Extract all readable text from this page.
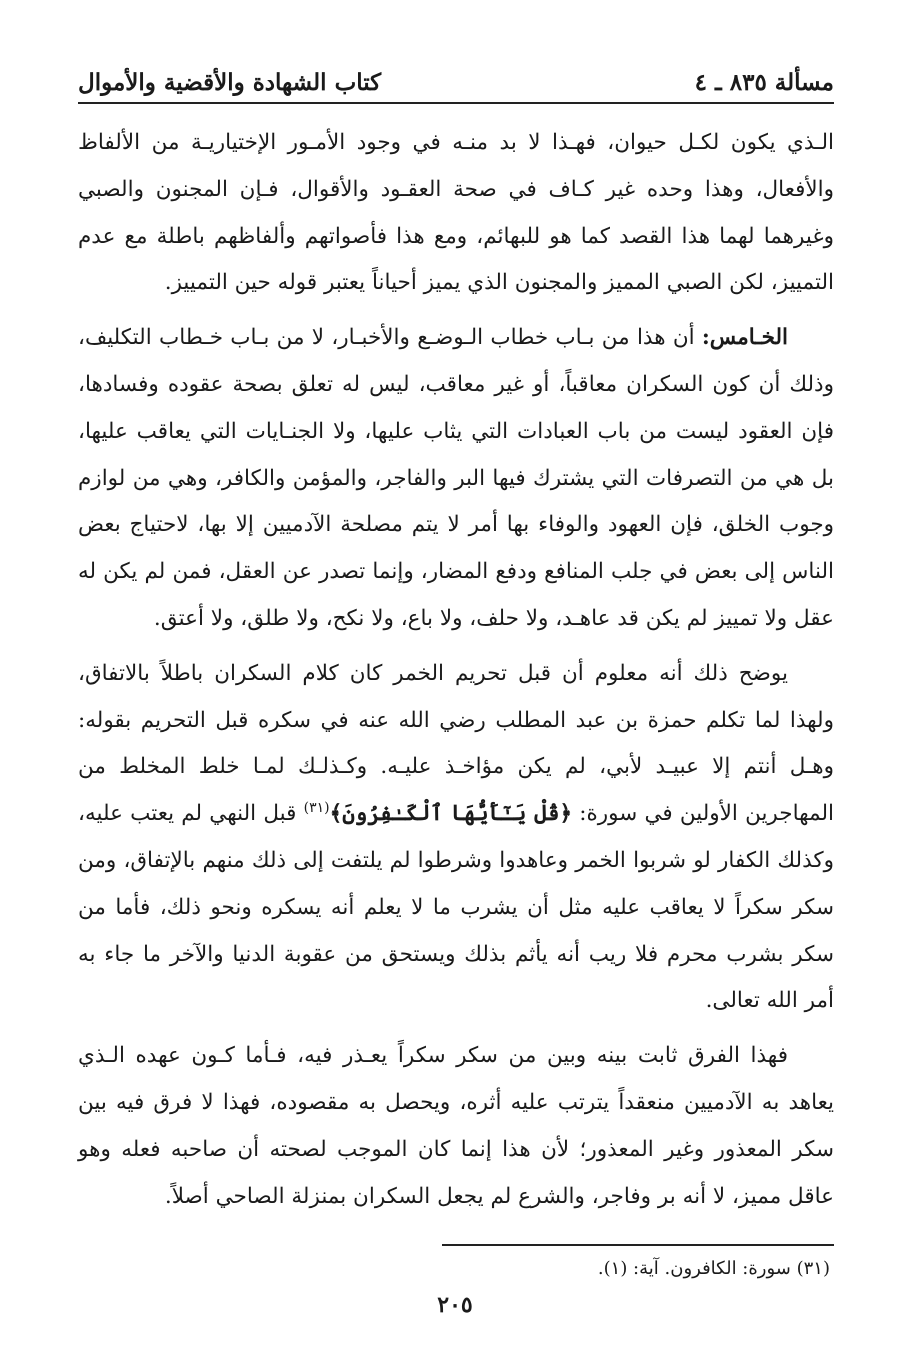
مسألة ٨٣٥ ـ ٤
كتاب الشهادة والأقضية والأموال

الـذي يكون لكـل حيوان، فهـذا لا بد منـه في وجود الأمـور الإختياريـة من الألفاظ والأفعال، وهذا وحده غير كـاف في صحة العقـود والأقوال، فـإن المجنون والصبي وغيرهما لهما هذا القصد كما هو للبهائم، ومع هذا فأصواتهم وألفاظهم باطلة مع عدم التمييز، لكن الصبي المميز والمجنون الذي يميز أحياناً يعتبر قوله حين التمييز.

الخـامس: أن هذا من بـاب خطاب الـوضـع والأخبـار، لا من بـاب خـطاب التكليف، وذلك أن كون السكران معاقباً، أو غير معاقب، ليس له تعلق بصحة عقوده وفسادها، فإن العقود ليست من باب العبادات التي يثاب عليها، ولا الجنـايات التي يعاقب عليها، بل هي من التصرفات التي يشترك فيها البر والفاجر، والمؤمن والكافر، وهي من لوازم وجوب الخلق، فإن العهود والوفاء بها أمر لا يتم مصلحة الآدميين إلا بها، لاحتياج بعض الناس إلى بعض في جلب المنافع ودفع المضار، وإنما تصدر عن العقل، فمن لم يكن له عقل ولا تمييز لم يكن قد عاهـد، ولا حلف، ولا باع، ولا نكح، ولا طلق، ولا أعتق.

يوضح ذلك أنه معلوم أن قبل تحريم الخمر كان كلام السكران باطلاً بالاتفاق، ولهذا لما تكلم حمزة بن عبد المطلب رضي الله عنه في سكره قبل التحريم بقوله: وهـل أنتم إلا عبيـد لأبي، لم يكن مؤاخـذ عليـه. وكـذلـك لمـا خلط المخلط من المهاجرين الأولين في سورة: ﴿قُلْ يَـٰٓأَيُّهَا ٱلْكَـٰفِرُونَ﴾$^{(٣١)}$ قبل النهي لم يعتب عليه، وكذلك الكفار لو شربوا الخمر وعاهدوا وشرطوا لم يلتفت إلى ذلك منهم بالإتفاق، ومن سكر سكراً لا يعاقب عليه مثل أن يشرب ما لا يعلم أنه يسكره ونحو ذلك، فأما من سكر بشرب محرم فلا ريب أنه يأثم بذلك ويستحق من عقوبة الدنيا والآخر ما جاء به أمر الله تعالى.

فهذا الفرق ثابت بينه وبين من سكر سكراً يعـذر فيه، فـأما كـون عهده الـذي يعاهد به الآدميين منعقداً يترتب عليه أثره، ويحصل به مقصوده، فهذا لا فرق فيه بين سكر المعذور وغير المعذور؛ لأن هذا إنما كان الموجب لصحته أن صاحبه فعله وهو عاقل مميز، لا أنه بر وفاجر، والشرع لم يجعل السكران بمنزلة الصاحي أصلاً.

(٣١) سورة: الكافرون. آية: (١).
٢٠٥
